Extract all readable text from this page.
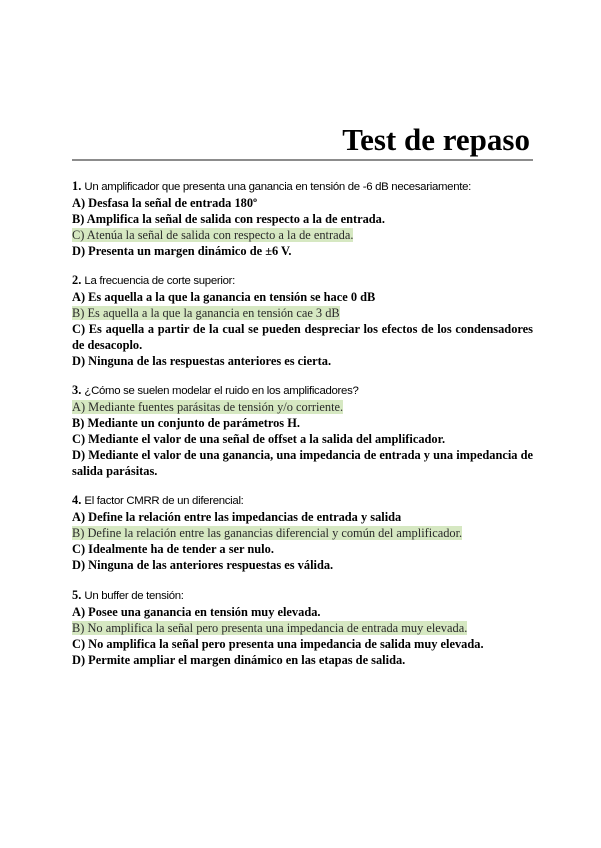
Test de repaso
1. Un amplificador que presenta una ganancia en tensión de -6 dB necesariamente:
A) Desfasa la señal de entrada 180º
B) Amplifica la señal de salida con respecto a la de entrada.
C) Atenúa la señal de salida con respecto a la de entrada.
D) Presenta un margen dinámico de ±6 V.
2. La frecuencia de corte superior:
A) Es aquella a la que la ganancia en tensión se hace 0 dB
B) Es aquella a la que la ganancia en tensión cae 3 dB
C) Es aquella a partir de la cual se pueden despreciar los efectos de los condensadores de desacoplo.
D) Ninguna de las respuestas anteriores es cierta.
3. ¿Cómo se suelen modelar el ruido en los amplificadores?
A) Mediante fuentes parásitas de tensión y/o corriente.
B) Mediante un conjunto de parámetros H.
C) Mediante el valor de una señal de offset a la salida del amplificador.
D) Mediante el valor de una ganancia, una impedancia de entrada y una impedancia de salida parásitas.
4. El factor CMRR de un diferencial:
A) Define la relación entre las impedancias de entrada y salida
B) Define la relación entre las ganancias diferencial y común del amplificador.
C) Idealmente ha de tender a ser nulo.
D) Ninguna de las anteriores respuestas es válida.
5. Un buffer de tensión:
A) Posee una ganancia en tensión muy elevada.
B) No amplifica la señal pero presenta una impedancia de entrada muy elevada.
C) No amplifica la señal pero presenta una impedancia de salida muy elevada.
D) Permite ampliar el margen dinámico en las etapas de salida.
